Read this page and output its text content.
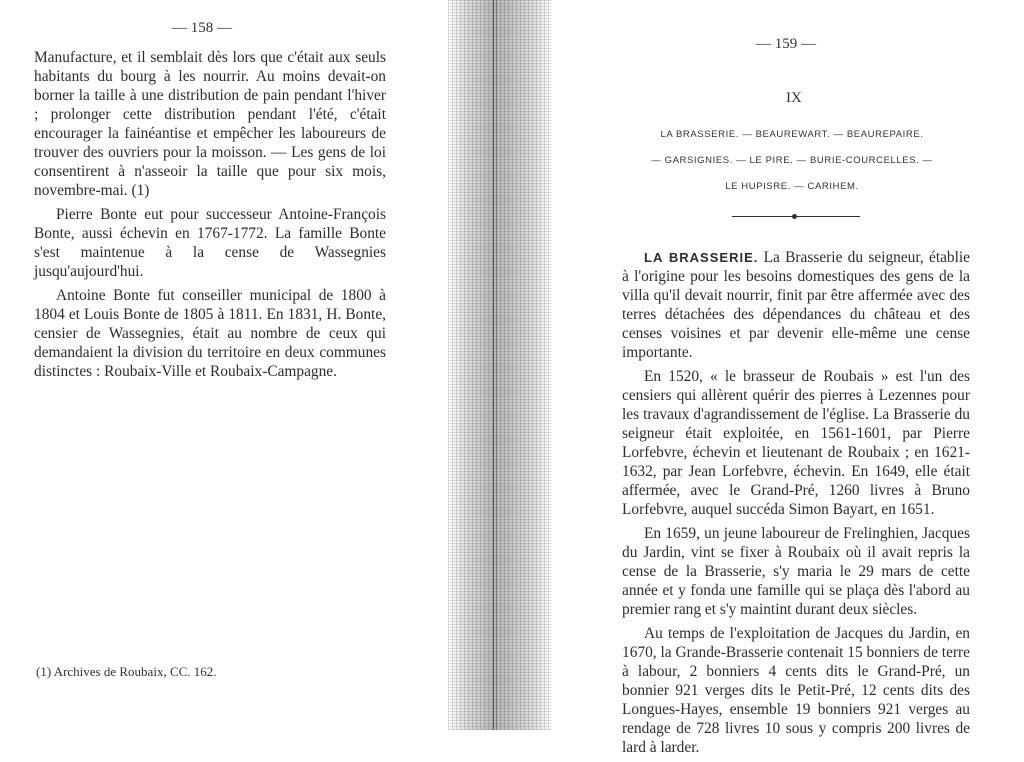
— 158 —

Manufacture, et il semblait dès lors que c'était aux seuls habitants du bourg à les nourrir. Au moins devait-on borner la taille à une distribution de pain pendant l'hiver ; prolonger cette distribution pendant l'été, c'était encourager la fainéantise et empêcher les laboureurs de trouver des ouvriers pour la moisson. — Les gens de loi consentirent à n'asseoir la taille que pour six mois, novembre-mai. (1)

Pierre Bonte eut pour successeur Antoine-François Bonte, aussi échevin en 1767-1772. La famille Bonte s'est maintenue à la cense de Wassegnies jusqu'aujourd'hui.

Antoine Bonte fut conseiller municipal de 1800 à 1804 et Louis Bonte de 1805 à 1811. En 1831, H. Bonte, censier de Wassegnies, était au nombre de ceux qui demandaient la division du territoire en deux communes distinctes : Roubaix-Ville et Roubaix-Campagne.

(1) Archives de Roubaix, CC. 162.
— 159 —
IX
LA BRASSERIE. — BEAUREWART. — BEAUREPAIRE.
— GARSIGNIES. — LE PIRE. — BURIE-COURCELLES. —
LE HUPISRE. — CARIHEM.

LA BRASSERIE. La Brasserie du seigneur, établie à l'origine pour les besoins domestiques des gens de la villa qu'il devait nourrir, finit par être affermée avec des terres détachées des dépendances du château et des censes voisines et par devenir elle-même une cense importante.

En 1520, « le brasseur de Roubais » est l'un des censiers qui allèrent quérir des pierres à Lezennes pour les travaux d'agrandissement de l'église. La Brasserie du seigneur était exploitée, en 1561-1601, par Pierre Lorfebvre, échevin et lieutenant de Roubaix ; en 1621-1632, par Jean Lorfebvre, échevin. En 1649, elle était affermée, avec le Grand-Pré, 1260 livres à Bruno Lorfebvre, auquel succéda Simon Bayart, en 1651.

En 1659, un jeune laboureur de Frelinghien, Jacques du Jardin, vint se fixer à Roubaix où il avait repris la cense de la Brasserie, s'y maria le 29 mars de cette année et y fonda une famille qui se plaça dès l'abord au premier rang et s'y maintint durant deux siècles.

Au temps de l'exploitation de Jacques du Jardin, en 1670, la Grande-Brasserie contenait 15 bonniers de terre à labour, 2 bonniers 4 cents dits le Grand-Pré, un bonnier 921 verges dits le Petit-Pré, 12 cents dits des Longues-Hayes, ensemble 19 bonniers 921 verges au rendage de 728 livres 10 sous y compris 200 livres de lard à larder.
